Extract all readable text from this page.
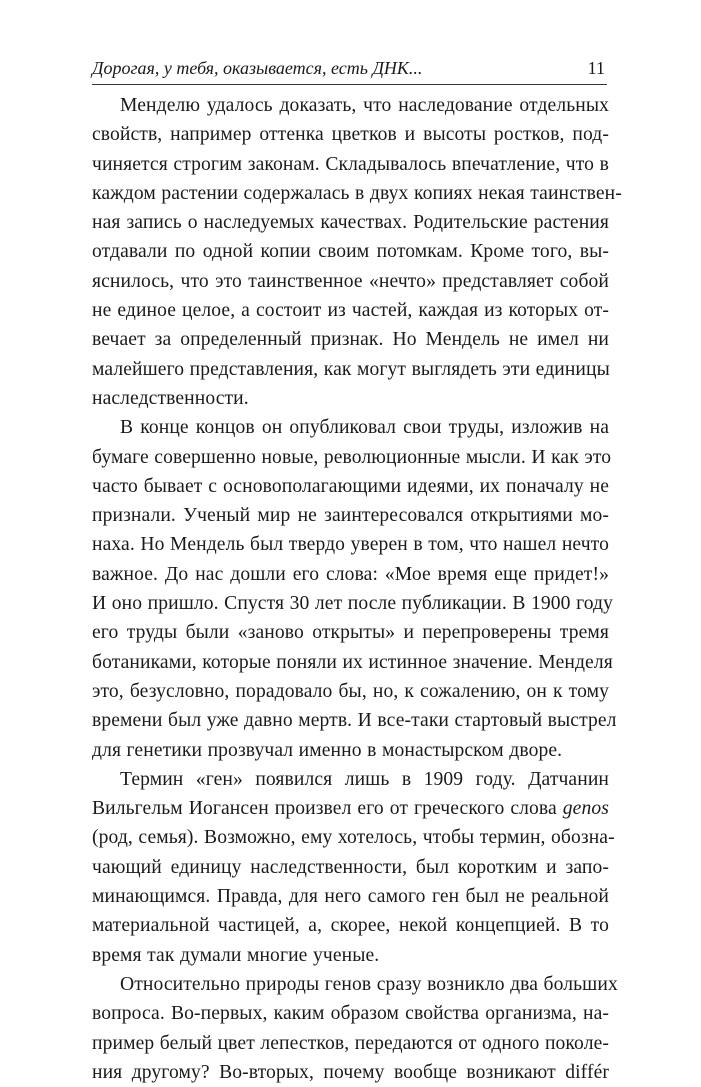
Дорогая, у тебя, оказывается, есть ДНК...	11
Менделю удалось доказать, что наследование отдельных
свойств, например оттенка цветков и высоты ростков, под-
чиняется строгим законам. Складывалось впечатление, что в
каждом растении содержалась в двух копиях некая таинствен-
ная запись о наследуемых качествах. Родительские растения
отдавали по одной копии своим потомкам. Кроме того, вы-
яснилось, что это таинственное «нечто» представляет собой
не единое целое, а состоит из частей, каждая из которых от-
вечает за определенный признак. Но Мендель не имел ни
малейшего представления, как могут выглядеть эти единицы
наследственности.
В конце концов он опубликовал свои труды, изложив на
бумаге совершенно новые, революционные мысли. И как это
часто бывает с основополагающими идеями, их поначалу не
признали. Ученый мир не заинтересовался открытиями мо-
наха. Но Мендель был твердо уверен в том, что нашел нечто
важное. До нас дошли его слова: «Мое время еще придет!»
И оно пришло. Спустя 30 лет после публикации. В 1900 году
его труды были «заново открыты» и перепроверены тремя
ботаниками, которые поняли их истинное значение. Менделя
это, безусловно, порадовало бы, но, к сожалению, он к тому
времени был уже давно мертв. И все-таки стартовый выстрел
для генетики прозвучал именно в монастырском дворе.
Термин «ген» появился лишь в 1909 году. Датчанин
Вильгельм Иогансен произвел его от греческого слова genos
(род, семья). Возможно, ему хотелось, чтобы термин, обозна-
чающий единицу наследственности, был коротким и запо-
минающимся. Правда, для него самого ген был не реальной
материальной частицей, а, скорее, некой концепцией. В то
время так думали многие ученые.
Относительно природы генов сразу возникло два больших
вопроса. Во-первых, каким образом свойства организма, на-
пример белый цвет лепестков, передаются от одного поколе-
ния другому? Во-вторых, почему вообще возникают différ
